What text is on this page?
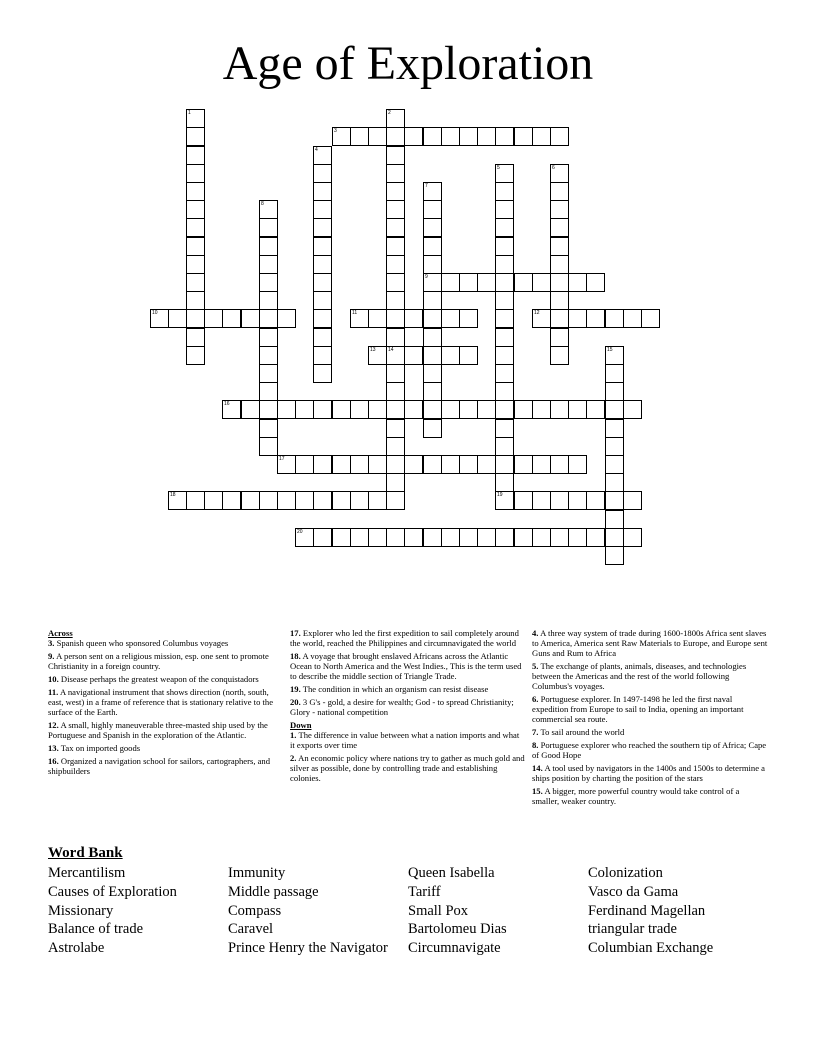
Age of Exploration
1	2
14
3
4
5	6
7
9
8
10	11	12
13	15
16
17
18	19
20
Across
3. Spanish queen who sponsored Columbus voyages
9. A person sent on a religious mission, esp. one sent to promote Christianity in a foreign country.
10. Disease perhaps the greatest weapon of the conquistadors
11. A navigational instrument that shows direction (north, south, east, west) in a frame of reference that is stationary relative to the surface of the Earth.
12. A small, highly maneuverable three-masted ship used by the Portuguese and Spanish in the exploration of the Atlantic.
13. Tax on imported goods
16. Organized a navigation school for sailors, cartographers, and shipbuilders
17. Explorer who led the first expedition to sail completely around the world, reached the Philippines and circumnavigated the world
18. A voyage that brought enslaved Africans across the Atlantic Ocean to North America and the West Indies., This is the term used to describe the middle section of Triangle Trade.
19. The condition in which an organism can resist disease
20. 3 G's - gold, a desire for wealth; God - to spread Christianity; Glory - national competition
Down
1. The difference in value between what a nation imports and what it exports over time
2. An economic policy where nations try to gather as much gold and silver as possible, done by controlling trade and establishing colonies.
4. A three way system of trade during 1600-1800s Africa sent slaves to America, America sent Raw Materials to Europe, and Europe sent Guns and Rum to Africa
5. The exchange of plants, animals, diseases, and technologies between the Americas and the rest of the world following Columbus's voyages.
6. Portuguese explorer. In 1497-1498 he led the first naval expedition from Europe to sail to India, opening an important commercial sea route.
7. To sail around the world
8. Portuguese explorer who reached the southern tip of Africa; Cape of Good Hope
14. A tool used by navigators in the 1400s and 1500s to determine a ships position by charting the position of the stars
15. A bigger, more powerful country would take control of a smaller, weaker country.
Word Bank
Mercantilism
Causes of Exploration
Missionary
Balance of trade
Astrolabe
Immunity
Middle passage
Compass
Caravel
Prince Henry the Navigator
Queen Isabella
Tariff
Small Pox
Bartolomeu Dias
Circumnavigate
Colonization
Vasco da Gama
Ferdinand Magellan
triangular trade
Columbian Exchange
